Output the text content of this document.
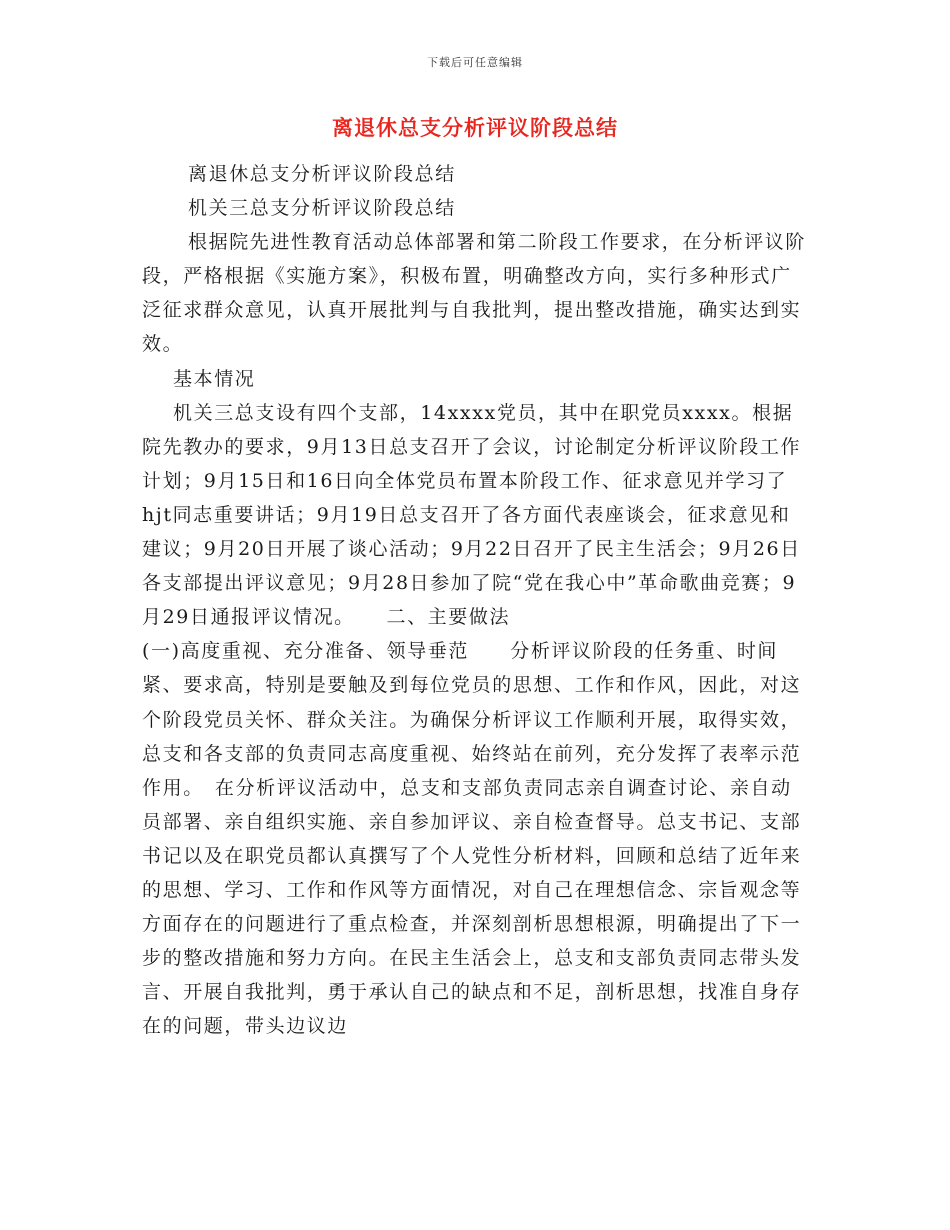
下载后可任意编辑
离退休总支分析评议阶段总结

离退休总支分析评议阶段总结

机关三总支分析评议阶段总结

根据院先进性教育活动总体部署和第二阶段工作要求，在分析评议阶段，严格根据《实施方案》，积极布置，明确整改方向，实行多种形式广泛征求群众意见，认真开展批判与自我批判，提出整改措施，确实达到实效。

基本情况

机关三总支设有四个支部，14xxxx党员，其中在职党员xxxx。根据院先教办的要求，9月13日总支召开了会议，讨论制定分析评议阶段工作计划；9月15日和16日向全体党员布置本阶段工作、征求意见并学习了hjt同志重要讲话；9月19日总支召开了各方面代表座谈会，征求意见和建议；9月20日开展了谈心活动；9月22日召开了民主生活会；9月26日各支部提出评议意见；9月28日参加了院“党在我心中”革命歌曲竞赛；9月29日通报评议情况。　　二、主要做法

(一)高度重视、充分准备、领导垂范　　分析评议阶段的任务重、时间紧、要求高，特别是要触及到每位党员的思想、工作和作风，因此，对这个阶段党员关怀、群众关注。为确保分析评议工作顺利开展，取得实效，总支和各支部的负责同志高度重视、始终站在前列，充分发挥了表率示范作用。　在分析评议活动中，总支和支部负责同志亲自调查讨论、亲自动员部署、亲自组织实施、亲自参加评议、亲自检查督导。总支书记、支部书记以及在职党员都认真撰写了个人党性分析材料，回顾和总结了近年来的思想、学习、工作和作风等方面情况，对自己在理想信念、宗旨观念等方面存在的问题进行了重点检查，并深刻剖析思想根源，明确提出了下一步的整改措施和努力方向。在民主生活会上，总支和支部负责同志带头发言、开展自我批判，勇于承认自己的缺点和不足，剖析思想，找准自身存在的问题，带头边议边
